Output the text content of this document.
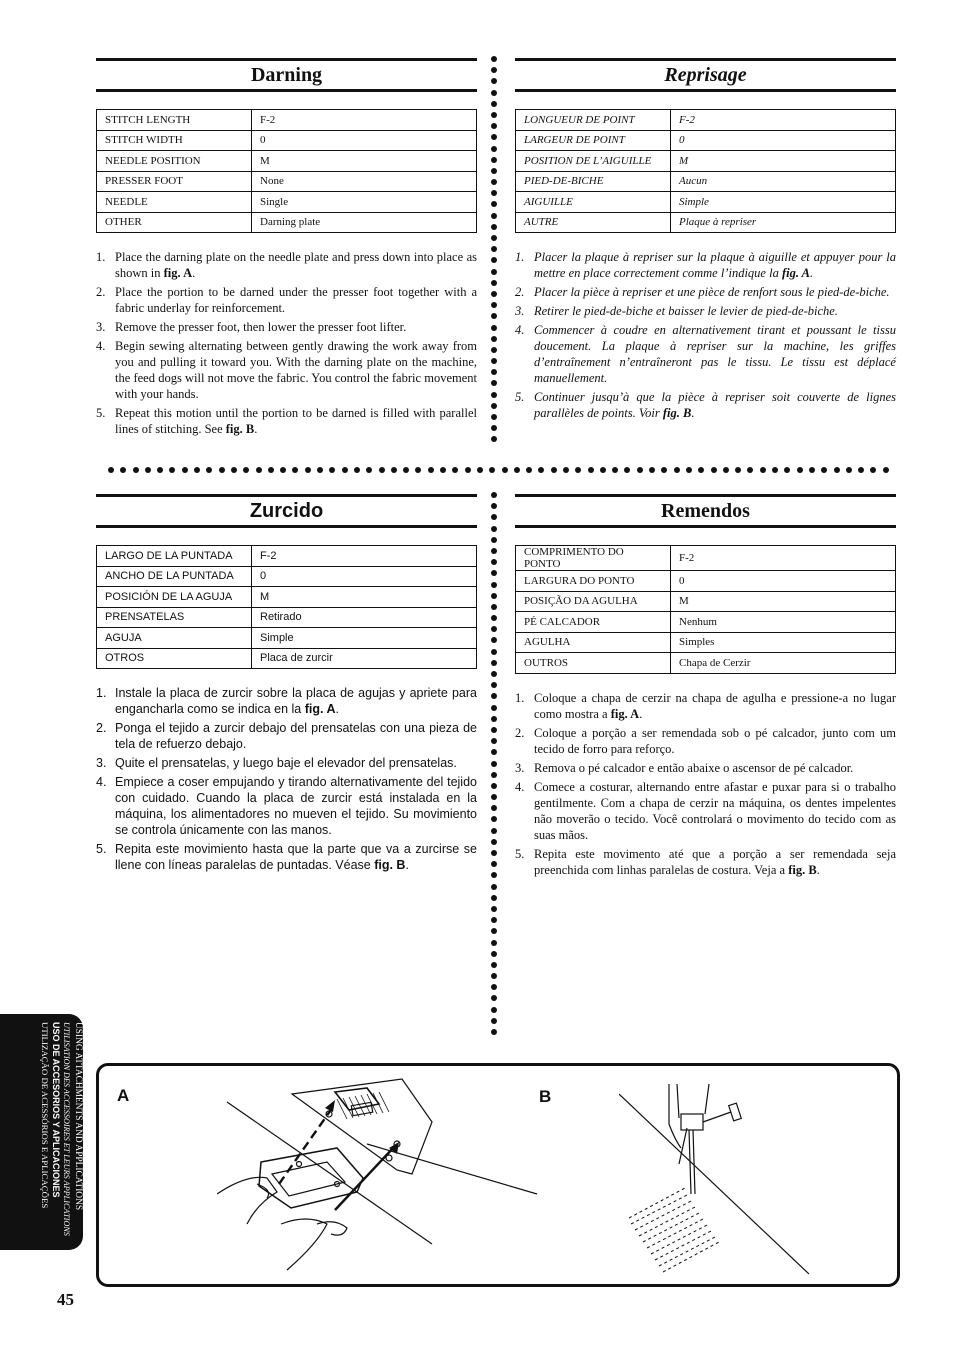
Darning
STITCH LENGTH	F-2
STITCH WIDTH	0
NEEDLE POSITION	M
PRESSER FOOT	None
NEEDLE	Single
OTHER	Darning plate
1. Place the darning plate on the needle plate and press down into place as shown in fig. A.
2. Place the portion to be darned under the presser foot together with a fabric underlay for reinforcement.
3. Remove the presser foot, then lower the presser foot lifter.
4. Begin sewing alternating between gently drawing the work away from you and pulling it toward you. With the darning plate on the machine, the feed dogs will not move the fabric. You control the fabric movement with your hands.
5. Repeat this motion until the portion to be darned is filled with parallel lines of stitching. See fig. B.
Reprisage
LONGUEUR DE POINT	F-2
LARGEUR DE POINT	0
POSITION DE L’AIGUILLE	M
PIED-DE-BICHE	Aucun
AIGUILLE	Simple
AUTRE	Plaque à repriser
1. Placer la plaque à repriser sur la plaque à aiguille et appuyer pour la mettre en place correctement comme l’indique la fig. A.
2. Placer la pièce à repriser et une pièce de renfort sous le pied-de-biche.
3. Retirer le pied-de-biche et baisser le levier de pied-de-biche.
4. Commencer à coudre en alternativement tirant et poussant le tissu doucement. La plaque à repriser sur la machine, les griffes d’entraînement n’entraîneront pas le tissu. Le tissu est déplacé manuellement.
5. Continuer jusqu’à que la pièce à repriser soit couverte de lignes parallèles de points. Voir fig. B.
Zurcido
LARGO DE LA PUNTADA	F-2
ANCHO DE LA PUNTADA	0
POSICIÓN DE LA AGUJA	M
PRENSATELAS	Retirado
AGUJA	Simple
OTROS	Placa de zurcir
1. Instale la placa de zurcir sobre la placa de agujas y apriete para engancharla como se indica en la fig. A.
2. Ponga el tejido a zurcir debajo del prensatelas con una pieza de tela de refuerzo debajo.
3. Quite el prensatelas, y luego baje el elevador del prensatelas.
4. Empiece a coser empujando y tirando alternativamente del tejido con cuidado. Cuando la placa de zurcir está instalada en la máquina, los alimentadores no mueven el tejido. Su movimiento se controla únicamente con las manos.
5. Repita este movimiento hasta que la parte que va a zurcirse se llene con líneas paralelas de puntadas. Véase fig. B.
Remendos
COMPRIMENTO DO PONTO	F-2
LARGURA DO PONTO	0
POSIÇÃO DA AGULHA	M
PÉ CALCADOR	Nenhum
AGULHA	Simples
OUTROS	Chapa de Cerzir
1. Coloque a chapa de cerzir na chapa de agulha e pressione-a no lugar como mostra a fig. A.
2. Coloque a porção a ser remendada sob o pé calcador, junto com um tecido de forro para reforço.
3. Remova o pé calcador e então abaixe o ascensor de pé calcador.
4. Comece a costurar, alternando entre afastar e puxar para si o trabalho gentilmente. Com a chapa de cerzir na máquina, os dentes impelentes não moverão o tecido. Você controlará o movimento do tecido com as suas mãos.
5. Repita este movimento até que a porção a ser remendada seja preenchida com linhas paralelas de costura. Veja a fig. B.
USING ATTACHMENTS AND APPLICATIONS
UTILISATION DES ACCESSOIRES ET LEURS APPLICATIONS
USO DE ACCESORIOS Y APLICACIONES
UTILIZAÇÃO DE ACESSÓRIOS E APLICAÇÕES
45
A	B
